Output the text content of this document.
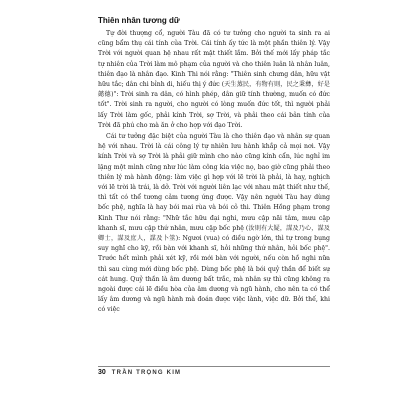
Thiên nhân tương dữ

Tự đời thượng cổ, người Tàu đã có tư tưởng cho người ta sinh ra ai cũng bẩm thụ cái tính của Trời. Cái tính ấy tức là một phần thiên lý. Vậy Trời với người quan hệ nhau rất mật thiết lắm. Bởi thế mới lấy pháp tắc tự nhiên của Trời làm mô phạm của người và cho thiên luân là nhân luân, thiên đạo là nhân đạo. Kinh Thi nói rằng: "Thiên sinh chưng dân, hữu vật hữu tắc; dân chi bỉnh di, hiếu thị ý đức (天生蒸民，有物有則，民之秉彝，好是懿德)": Trời sinh ra dân, có hình phép, dân giữ tính thường, muốn có đức tốt". Trời sinh ra người, cho người có lòng muốn đức tốt, thì người phải lấy Trời làm gốc, phải kính Trời, sợ Trời, và phải theo cái bản tính của Trời đã phú cho mà ăn ở cho hợp với đạo Trời.

Cái tư tưởng đặc biệt của người Tàu là cho thiên đạo và nhân sự quan hệ với nhau. Trời là cái công lý tự nhiên lưu hành khắp cả mọi nơi. Vậy kính Trời và sợ Trời là phải giữ mình cho nào cũng kính cẩn, lúc nghỉ im lặng một mình cũng như lúc làm công kia việc nọ, bao giờ cũng phải theo thiên lý mà hành động: làm việc gì hợp với lẽ trời là phải, là hay, nghịch với lẽ trời là trái, là dở. Trời với người liên lạc với nhau mật thiết như thế, thì tất có thể tương cảm tương ứng được. Vậy nên người Tàu hay dùng bốc phệ, nghĩa là hay bói mai rùa và bói cỏ thi. Thiên Hồng phạm trong Kinh Thư nói rằng: "Nhữ tắc hữu đại nghi, mưu cập nãi tâm, mưu cập khanh sĩ, mưu cập thứ nhân, mưu cập bốc phệ (汝則有大疑，謀及乃心，謀及卿士，謀及庶人，謀及卜筮): Ngươi (vua) có điều ngờ lớn, thì tự trong bụng suy nghĩ cho kỹ, rồi bàn với khanh sĩ, hỏi những thứ nhân, hỏi bốc phệ". Trước hết mình phải xét kỹ, rồi mới bàn với người, nếu còn hồ nghi nữa thì sau cùng mới dùng bốc phệ. Dùng bốc phệ là bói quỷ thần để biết sự cát hung. Quỷ thần là âm dương bất trắc, mà nhân sự thì cũng không ra ngoài được cái lẽ điều hòa của âm dương và ngũ hành, cho nên ta có thể lấy âm dương và ngũ hành mà đoán được việc lành, việc dữ. Bởi thế, khi có việc

30 TRẦN TRỌNG KIM
